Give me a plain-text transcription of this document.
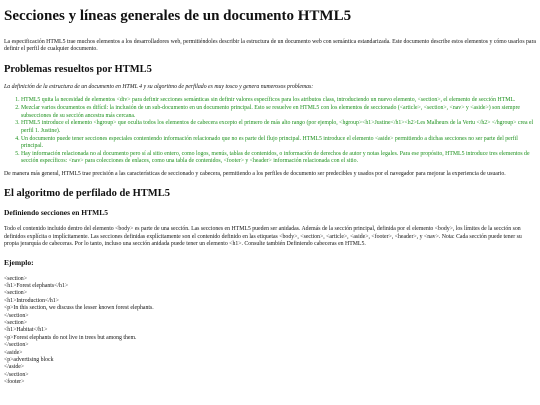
Secciones y líneas generales de un documento HTML5

La especificación HTML5 trae muchos elementos a los desarrolladores web, permitiéndoles describir la estructura de un documento web con semántica estandarizada. Este documento describe estos elementos y cómo usarlos para definir el perfil de cualquier documento.

Problemas resueltos por HTML5

La definición de la estructura de un documento en HTML 4 y su algoritmo de perfilado es muy tosco y genera numerosos problemas:

1. HTML5 quita la necesidad de elementos <div> para definir secciones semánticas sin definir valores específicos para los atributos class, introduciendo un nuevo elemento, <section>, el elemento de sección HTML.
2. Mezclar varios documentos es difícil: la inclusión de un sub-documento en un documento principal. Esto se resuelve en HTML5 con los elementos de seccionado (<article>, <section>, <nav> y <aside>) son siempre subsecciones de su sección ancestra más cercana.
3. HTML5 introduce el elemento <hgroup> que oculta todos los elementos de cabecera excepto el primero de más alto rango (por ejemplo, <hgroup><h1>Justine</h1><h2>Les Malheurs de la Vertu </h2> </hgroup> crea el perfil 1. Justine).
4. Un documento puede tener secciones especiales conteniendo información relacionado que no es parte del flujo principal. HTML5 introduce el elemento <aside> permitiendo a dichas secciones no ser parte del perfil principal.
5. Hay información relacionada no al documento pero sí al sitio entero, como logos, menús, tablas de contenidos, o información de derechos de autor y notas legales. Para ese propósito, HTML5 introduce tres elementos de sección específicos: <nav> para colecciones de enlaces, como una tabla de contenidos, <footer> y <header> información relacionada con el sitio.

De manera más general, HTML5 trae precisión a las características de seccionado y cabecera, permitiendo a los perfiles de documento ser predecibles y usados por el navegador para mejorar la experiencia de usuario.

El algoritmo de perfilado de HTML5
Definiendo secciones en HTML5

Todo el contenido incluido dentro del elemento <body> es parte de una sección. Las secciones en HTML5 pueden ser anidadas. Además de la sección principal, definida por el elemento <body>, los límites de la sección son definidos explícita o implícitamente. Las secciones definidas explícitamente son el contenido definido en las etiquetas <body>, <section>, <article>, <aside>, <footer>, <header>, y <nav>. Nota: Cada sección puede tener su propia jerarquía de cabeceras. Por lo tanto, incluso una sección anidada puede tener un elemento <h1>. Consulte también Definiendo cabeceras en HTML5.

Ejemplo:
<section>
<h1>Forest elephants</h1>
<section>
<h1>Introduction</h1>
<p>In this section, we discuss the lesser known forest elephants.
</section>
<section>
<h1>Habitat</h1>
<p>Forest elephants do not live in trees but among them.
</section>
<aside>
<p>advertising block
</aside>
</section>
<footer>
